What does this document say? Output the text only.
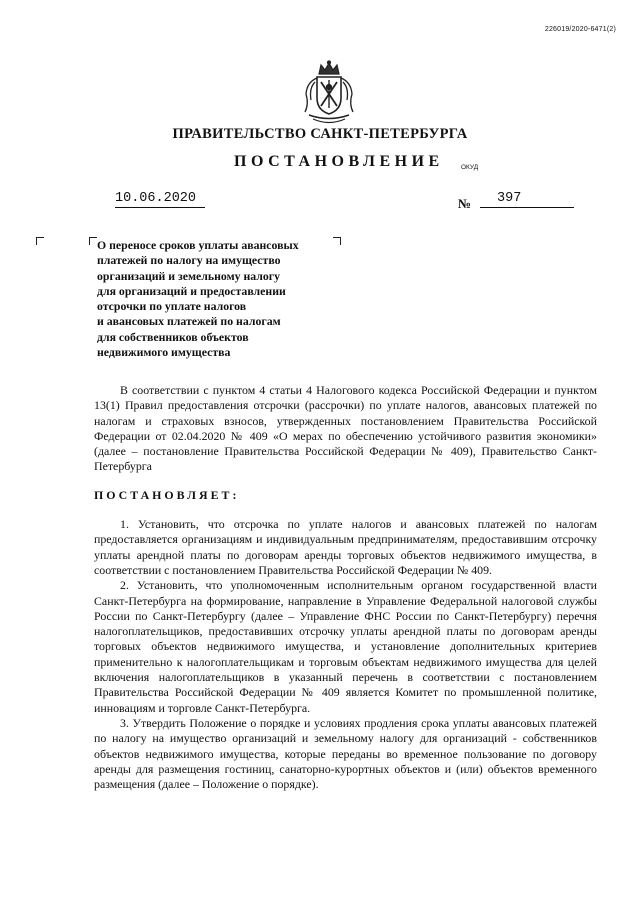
226019/2020-6471(2)
ПРАВИТЕЛЬСТВО САНКТ-ПЕТЕРБУРГА
ПОСТАНОВЛЕНИЕ	ОКУД
10.06.2020	№	397
О переносе сроков уплаты авансовых
платежей по налогу на имущество
организаций и земельному налогу
для организаций и предоставлении
отсрочки по уплате налогов
и авансовых платежей по налогам
для собственников объектов
недвижимого имущества

В соответствии с пунктом 4 статьи 4 Налогового кодекса Российской Федерации и пунктом 13(1) Правил предоставления отсрочки (рассрочки) по уплате налогов, авансовых платежей по налогам и страховых взносов, утвержденных постановлением Правительства Российской Федерации от 02.04.2020 № 409 «О мерах по обеспечению устойчивого развития экономики» (далее – постановление Правительства Российской Федерации № 409), Правительство Санкт-Петербурга

ПОСТАНОВЛЯЕТ:

1. Установить, что отсрочка по уплате налогов и авансовых платежей по налогам предоставляется организациям и индивидуальным предпринимателям, предоставившим отсрочку уплаты арендной платы по договорам аренды торговых объектов недвижимого имущества, в соответствии с постановлением Правительства Российской Федерации № 409.

2. Установить, что уполномоченным исполнительным органом государственной власти Санкт-Петербурга на формирование, направление в Управление Федеральной налоговой службы России по Санкт-Петербургу (далее – Управление ФНС России по Санкт-Петербургу) перечня налогоплательщиков, предоставивших отсрочку уплаты арендной платы по договорам аренды торговых объектов недвижимого имущества, и установление дополнительных критериев применительно к налогоплательщикам и торговым объектам недвижимого имущества для целей включения налогоплательщиков в указанный перечень в соответствии с постановлением Правительства Российской Федерации № 409 является Комитет по промышленной политике, инновациям и торговле Санкт-Петербурга.

3. Утвердить Положение о порядке и условиях продления срока уплаты авансовых платежей по налогу на имущество организаций и земельному налогу для организаций - собственников объектов недвижимого имущества, которые переданы во временное пользование по договору аренды для размещения гостиниц, санаторно-курортных объектов и (или) объектов временного размещения (далее – Положение о порядке).
